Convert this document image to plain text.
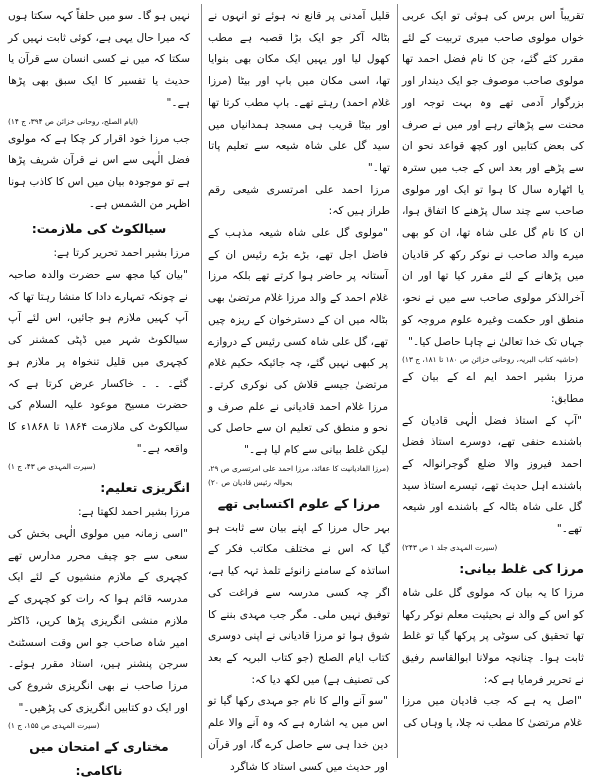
تقریباً اس برس کی ہوئی تو ایک عربی خواں مولوی صاحب میری تربیت کے لئے مقرر کئے گئے، جن کا نام فضل احمد تھا مولوی صاحب موصوف جو ایک دیندار اور بزرگوار آدمی تھے وہ بہت توجہ اور محنت سے پڑھاتے رہے اور میں نے صرف کی بعض کتابیں اور کچھ قواعد نحو ان سے پڑھے اور بعد اس کے جب میں سترہ یا اٹھارہ سال کا ہوا تو ایک اور مولوی صاحب سے چند سال پڑھنے کا اتفاق ہوا، ان کا نام گل علی شاہ تھا، ان کو بھی میرے والد صاحب نے نوکر رکھ کر قادیان میں پڑھانے کے لئے مقرر کیا تھا اور ان آخرالذکر مولوی صاحب سے میں نے نحو، منطق اور حکمت وغیرہ علوم مروجہ کو جہاں تک خدا تعالیٰ نے چاہا حاصل کیا۔"

(حاشیہ کتاب البریہ، روحانی خزائن ص ۱۸۰ تا ۱۸۱، ج ۱۳)

مرزا بشیر احمد ایم اے کے بیان کے مطابق:

"آپ کے استاذ فضل الٰہی قادیان کے باشندے حنفی تھے، دوسرے استاذ فضل احمد فیروز والا ضلع گوجرانوالہ کے باشندے اہل حدیث تھے، تیسرے استاذ سید گل علی شاہ بٹالہ کے باشندے اور شیعہ تھے۔"

(سیرت المہدی جلد ۱ ص ۲۴۳)

مرزا کی غلط بیانی:

مرزا کا یہ بیان کہ مولوی گل علی شاہ کو اس کے والد نے بحیثیت معلم نوکر رکھا تھا تحقیق کی سوٹی پر پرکھا گیا تو غلط ثابت ہوا۔ چنانچہ مولانا ابوالقاسم رفیق نے تحریر فرمایا ہے کہ:

"اصل یہ ہے کہ جب قادیان میں مرزا غلام مرتضیٰ کا مطب نہ چلا، یا وہاں کی

قلیل آمدنی پر قانع نہ ہوئے تو انہوں نے بٹالہ آکر جو ایک بڑا قصبہ ہے مطب کھول لیا اور یہیں ایک مکان بھی بنوایا تھا، اسی مکان میں باپ اور بیٹا (مرزا غلام احمد) رہتے تھے۔ باپ مطب کرتا تھا اور بیٹا قریب ہی مسجد ہمدانیاں میں سید گل علی شاہ شیعہ سے تعلیم پاتا تھا۔"

مرزا احمد علی امرتسری شیعی رقم طراز ہیں کہ:

"مولوی گل علی شاہ شیعہ مذہب کے فاضل اجل تھے، بڑے بڑے رئیس ان کے آستانہ پر حاضر ہوا کرتے تھے بلکہ مرزا غلام احمد کے والد مرزا غلام مرتضیٰ بھی بٹالہ میں ان کے دسترخوان کے ریزہ چیں تھے، گل علی شاہ کسی رئیس کے دروازے پر کبھی نہیں گئے، چہ جائیکہ حکیم غلام مرتضیٰ جیسے قلاش کی نوکری کرتے۔ مرزا غلام احمد قادیانی نے علم صرف و نحو و منطق کی تعلیم ان سے حاصل کی لیکن غلط بیانی سے کام لیا ہے۔"

(مرزا الفادیانیت کا عقائد، مرزا احمد علی امرتسری ص ۲۹، بحوالہ رئیس قادیان ص ۲۰)

مرزا کے علوم اکتسابی تھے

بہر حال مرزا کے اپنے بیان سے ثابت ہو گیا کہ اس نے مختلف مکاتب فکر کے اساتذہ کے سامنے زانوئے تلمذ تہہ کیا ہے، اگر چہ کسی مدرسہ سے فراغت کی توفیق نہیں ملی۔ مگر جب مہدی بننے کا شوق ہوا تو مرزا قادیانی نے اپنی دوسری کتاب ایام الصلح (جو کتاب البریہ کے بعد کی تصنیف ہے) میں لکھ دیا کہ:

"سو آنے والے کا نام جو مہدی رکھا گیا تو اس میں یہ اشارہ ہے کہ وہ آنے والا علم دین خدا ہی سے حاصل کرے گا، اور قرآن اور حدیث میں کسی استاد کا شاگرد

نہیں ہو گا۔ سو میں حلفاً کہہ سکتا ہوں کہ میرا حال یہی ہے، کوئی ثابت نہیں کر سکتا کہ میں نے کسی انسان سے قرآن یا حدیث یا تفسیر کا ایک سبق بھی پڑھا ہے۔"

(ایام الصلح، روحانی خزائن ص ۳۹۴، ج ۱۴)

جب مرزا خود اقرار کر چکا ہے کہ مولوی فضل الٰہی سے اس نے قرآن شریف پڑھا ہے تو موجودہ بیان میں اس کا کاذب ہونا اظہر من الشمس ہے۔

سیالکوٹ کی ملازمت:

مرزا بشیر احمد تحریر کرتا ہے:

"بیان کیا مجھ سے حضرت والدہ صاحبہ نے چونکہ تمہارے دادا کا منشا رہتا تھا کہ آپ کہیں ملازم ہو جائیں، اس لئے آپ سیالکوٹ شہر میں ڈپٹی کمشنر کی کچہری میں قلیل تنخواہ پر ملازم ہو گئے۔ ۔ ۔ خاکسار عرض کرتا ہے کہ حضرت مسیح موعود علیہ السلام کی سیالکوٹ کی ملازمت ۱۸۶۴ تا ۱۸۶۸ء کا واقعہ ہے۔"

(سیرت المہدی ص ۴۳، ج ۱)

انگریزی تعلیم:

مرزا بشیر احمد لکھتا ہے:

"اسی زمانہ میں مولوی الٰہی بخش کی سعی سے جو چیف محرر مدارس تھے کچہری کے ملازم منشیوں کے لئے ایک مدرسہ قائم ہوا کہ رات کو کچہری کے ملازم منشی انگریزی پڑھا کریں، ڈاکٹر امیر شاہ صاحب جو اس وقت اسسٹنٹ سرجن پنشنر ہیں، استاد مقرر ہوئے۔ مرزا صاحب نے بھی انگریزی شروع کی اور ایک دو کتابیں انگریزی کی پڑھیں۔"

(سیرت المہدی ص ۱۵۵، ج ۱)

مختاری کے امتحان میں ناکامی:
